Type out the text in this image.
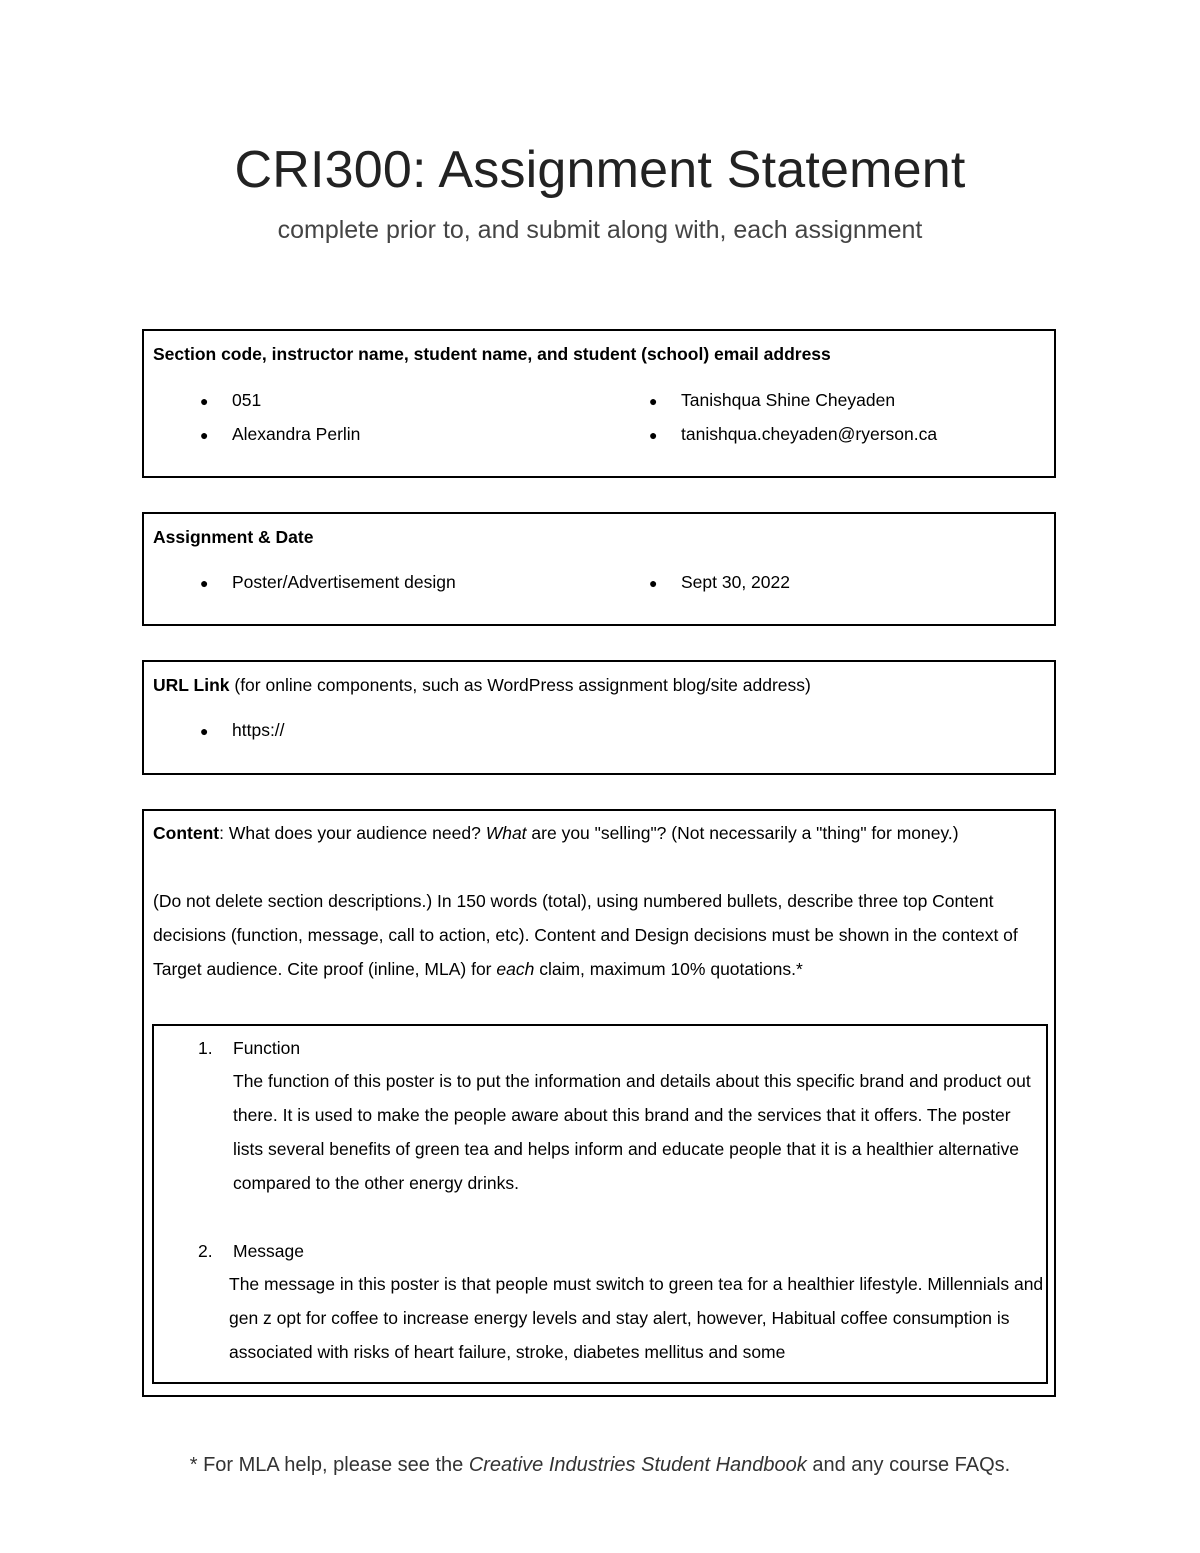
CRI300: Assignment Statement
complete prior to, and submit along with, each assignment
Section code, instructor name, student name, and student (school) email address
● 051
● Alexandra Perlin
● Tanishqua Shine Cheyaden
● tanishqua.cheyaden@ryerson.ca
Assignment & Date
● Poster/Advertisement design	● Sept 30, 2022
URL Link (for online components, such as WordPress assignment blog/site address)
● https://
Content: What does your audience need? What are you "selling"? (Not necessarily a "thing" for money.)
(Do not delete section descriptions.) In 150 words (total), using numbered bullets, describe three top Content decisions (function, message, call to action, etc). Content and Design decisions must be shown in the context of Target audience. Cite proof (inline, MLA) for each claim, maximum 10% quotations.*
1. Function
The function of this poster is to put the information and details about this specific brand and product out there. It is used to make the people aware about this brand and the services that it offers. The poster lists several benefits of green tea and helps inform and educate people that it is a healthier alternative compared to the other energy drinks.
2. Message
The message in this poster is that people must switch to green tea for a healthier lifestyle. Millennials and gen z opt for coffee to increase energy levels and stay alert, however, Habitual coffee consumption is associated with risks of heart failure, stroke, diabetes mellitus and some
* For MLA help, please see the Creative Industries Student Handbook and any course FAQs.
